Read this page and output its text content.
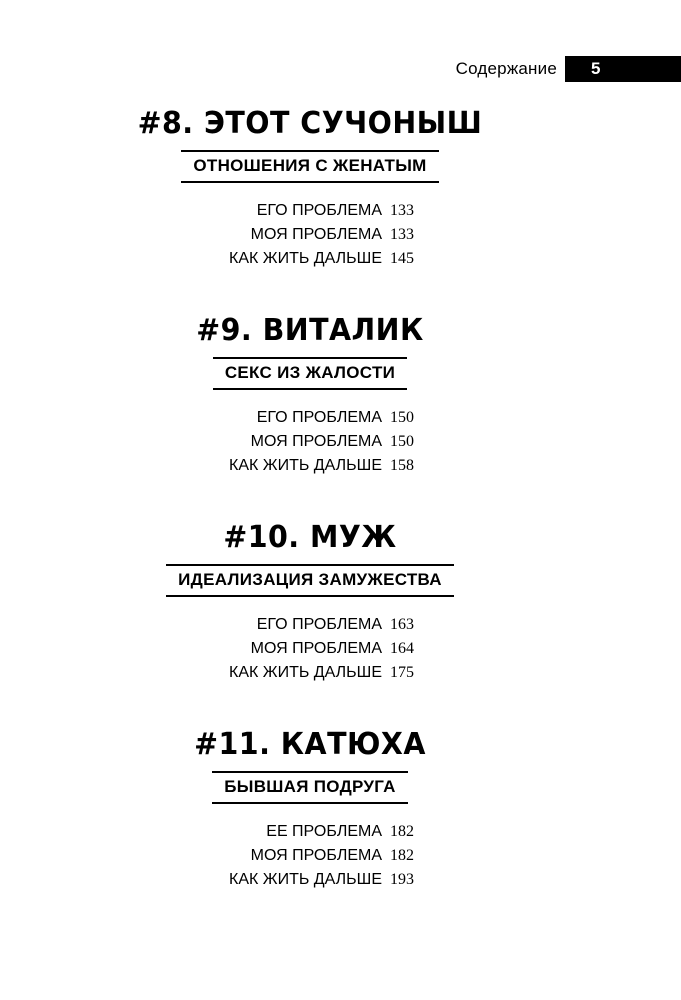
Содержание 5
#8. ЭТОТ СУЧОНЫШ
ОТНОШЕНИЯ С ЖЕНАТЫМ
ЕГО ПРОБЛЕМА 133
МОЯ ПРОБЛЕМА 133
КАК ЖИТЬ ДАЛЬШЕ 145
#9. ВИТАЛИК
СЕКС ИЗ ЖАЛОСТИ
ЕГО ПРОБЛЕМА 150
МОЯ ПРОБЛЕМА 150
КАК ЖИТЬ ДАЛЬШЕ 158
#10. МУЖ
ИДЕАЛИЗАЦИЯ ЗАМУЖЕСТВА
ЕГО ПРОБЛЕМА 163
МОЯ ПРОБЛЕМА 164
КАК ЖИТЬ ДАЛЬШЕ 175
#11. КАТЮХА
БЫВШАЯ ПОДРУГА
ЕЕ ПРОБЛЕМА 182
МОЯ ПРОБЛЕМА 182
КАК ЖИТЬ ДАЛЬШЕ 193
